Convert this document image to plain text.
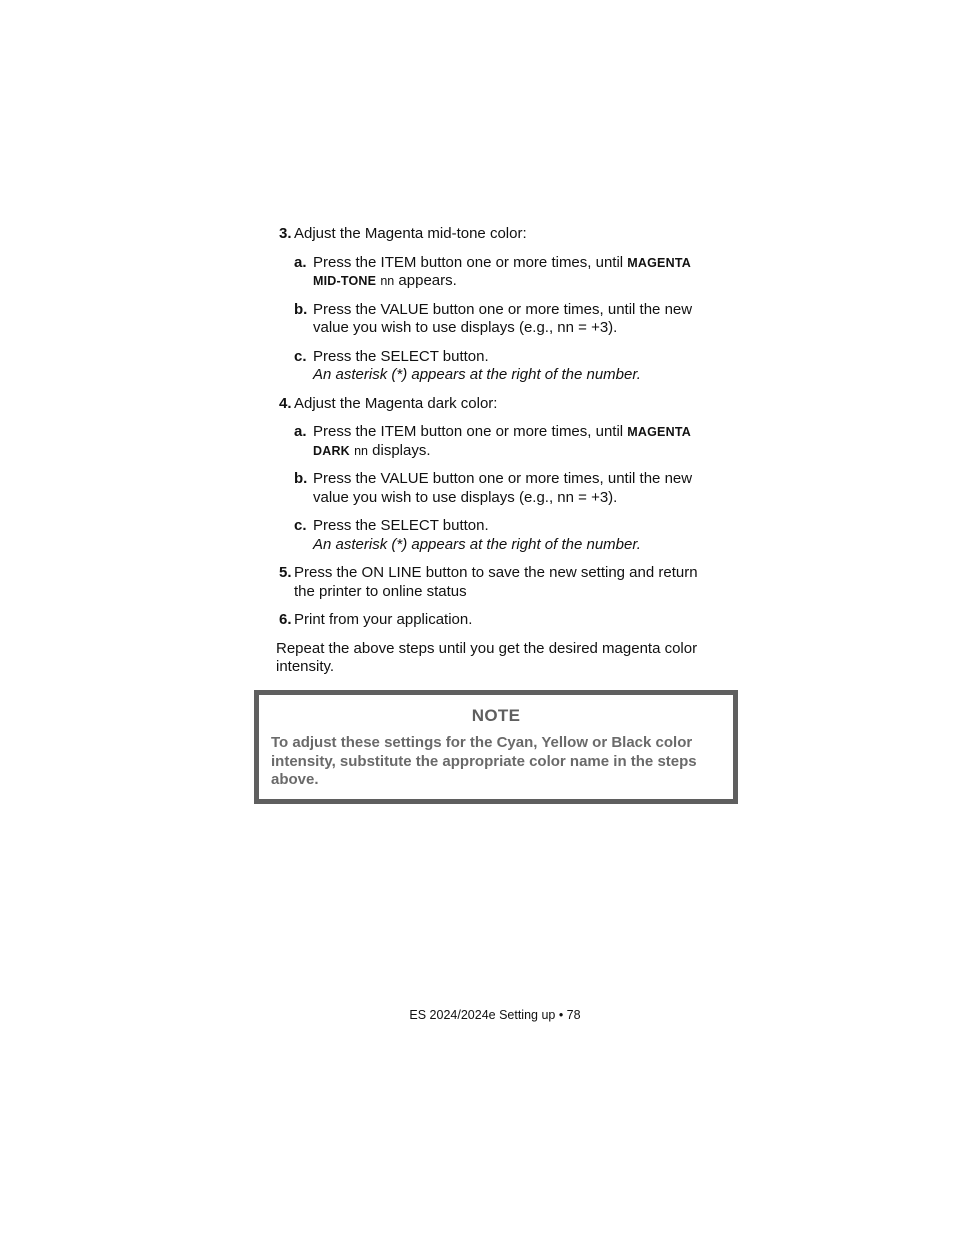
3. Adjust the Magenta mid-tone color:
a. Press the ITEM button one or more times, until MAGENTA MID-TONE nn appears.
b. Press the VALUE button one or more times, until the new value you wish to use displays (e.g., nn = +3).
c. Press the SELECT button.
An asterisk (*) appears at the right of the number.
4. Adjust the Magenta dark color:
a. Press the ITEM button one or more times, until MAGENTA DARK nn displays.
b. Press the VALUE button one or more times, until the new value you wish to use displays (e.g., nn = +3).
c. Press the SELECT button.
An asterisk (*) appears at the right of the number.
5. Press the ON LINE button to save the new setting and return the printer to online status
6. Print from your application.
Repeat the above steps until you get the desired magenta color intensity.
NOTE
To adjust these settings for the Cyan, Yellow or Black color intensity, substitute the appropriate color name in the steps above.
ES 2024/2024e Setting up • 78
